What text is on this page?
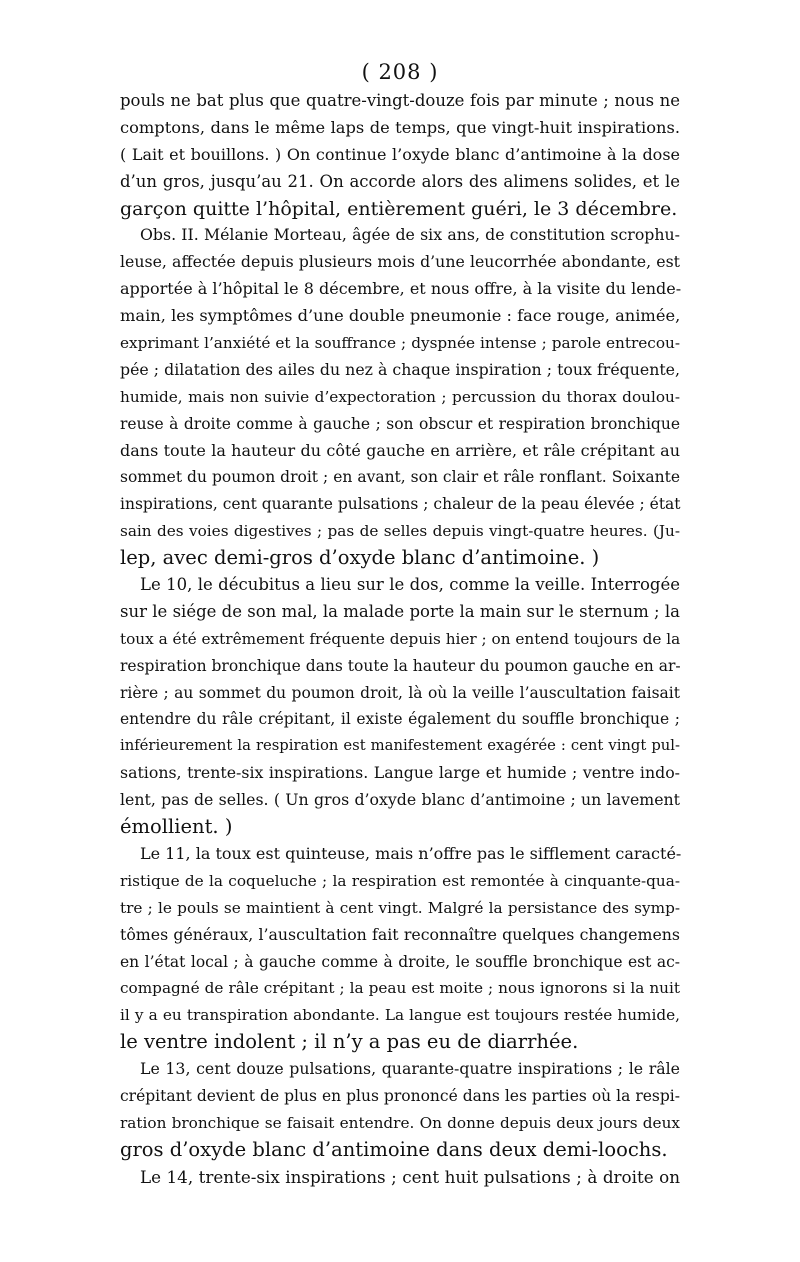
( 208 )
pouls ne bat plus que quatre-vingt-douze fois par minute ; nous ne
comptons, dans le même laps de temps, que vingt-huit inspirations.
( Lait et bouillons. ) On continue l’oxyde blanc d’antimoine à la dose
d’un gros, jusqu’au 21. On accorde alors des alimens solides, et le
garçon quitte l’hôpital, entièrement guéri, le 3 décembre.
Obs. II. Mélanie Morteau, âgée de six ans, de constitution scrophu-
leuse, affectée depuis plusieurs mois d’une leucorrhée abondante, est
apportée à l’hôpital le 8 décembre, et nous offre, à la visite du lende-
main, les symptômes d’une double pneumonie : face rouge, animée,
exprimant l’anxiété et la souffrance ; dyspnée intense ; parole entrecou-
pée ; dilatation des ailes du nez à chaque inspiration ; toux fréquente,
humide, mais non suivie d’expectoration ; percussion du thorax doulou-
reuse à droite comme à gauche ; son obscur et respiration bronchique
dans toute la hauteur du côté gauche en arrière, et râle crépitant au
sommet du poumon droit ; en avant, son clair et râle ronflant. Soixante
inspirations, cent quarante pulsations ; chaleur de la peau élevée ; état
sain des voies digestives ; pas de selles depuis vingt-quatre heures. (Ju-
lep, avec demi-gros d’oxyde blanc d’antimoine. )
Le 10, le décubitus a lieu sur le dos, comme la veille. Interrogée
sur le siége de son mal, la malade porte la main sur le sternum ; la
toux a été extrêmement fréquente depuis hier ; on entend toujours de la
respiration bronchique dans toute la hauteur du poumon gauche en ar-
rière ; au sommet du poumon droit, là où la veille l’auscultation faisait
entendre du râle crépitant, il existe également du souffle bronchique ;
inférieurement la respiration est manifestement exagérée : cent vingt pul-
sations, trente-six inspirations. Langue large et humide ; ventre indo-
lent, pas de selles. ( Un gros d’oxyde blanc d’antimoine ; un lavement
émollient. )
Le 11, la toux est quinteuse, mais n’offre pas le sifflement caracté-
ristique de la coqueluche ; la respiration est remontée à cinquante-qua-
tre ; le pouls se maintient à cent vingt. Malgré la persistance des symp-
tômes généraux, l’auscultation fait reconnaître quelques changemens
en l’état local ; à gauche comme à droite, le souffle bronchique est ac-
compagné de râle crépitant ; la peau est moite ; nous ignorons si la nuit
il y a eu transpiration abondante. La langue est toujours restée humide,
le ventre indolent ; il n’y a pas eu de diarrhée.
Le 13, cent douze pulsations, quarante-quatre inspirations ; le râle
crépitant devient de plus en plus prononcé dans les parties où la respi-
ration bronchique se faisait entendre. On donne depuis deux jours deux
gros d’oxyde blanc d’antimoine dans deux demi-loochs.
Le 14, trente-six inspirations ; cent huit pulsations ; à droite on
